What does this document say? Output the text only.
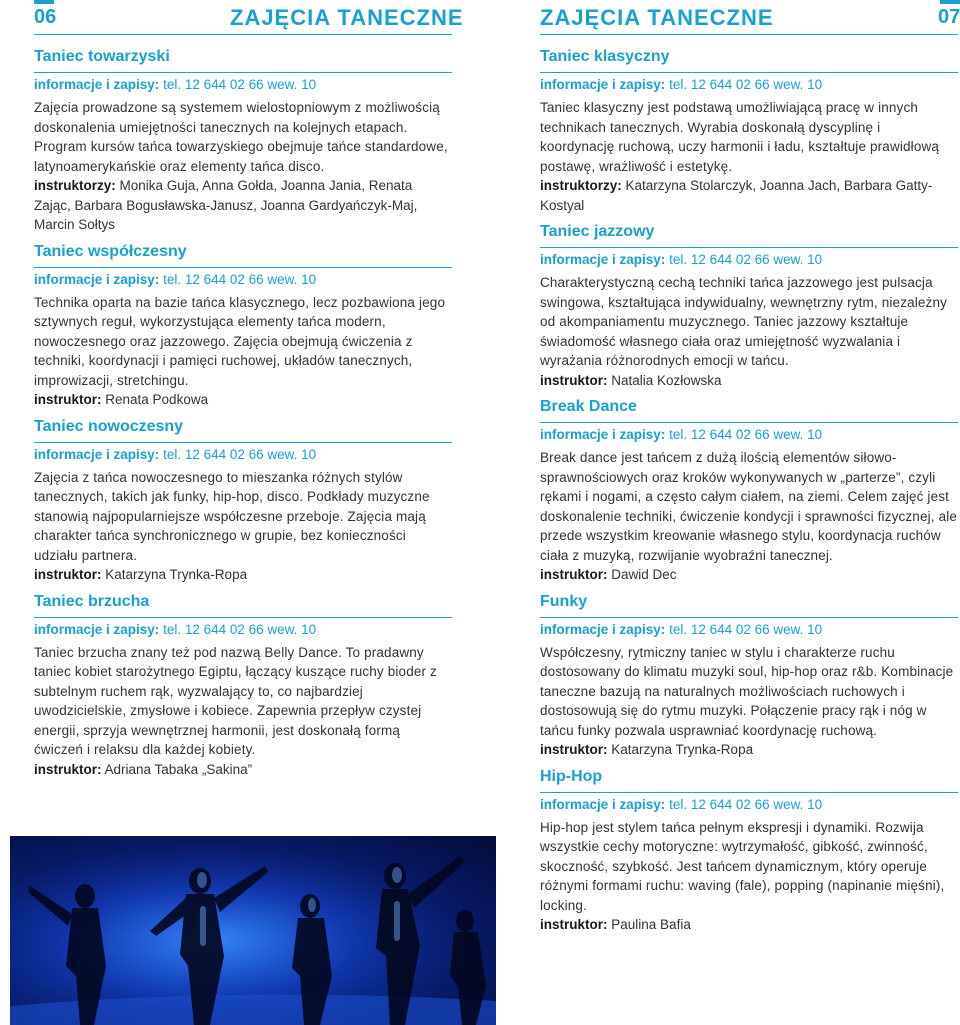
06	ZAJĘCIA TANECZNE	ZAJĘCIA TANECZNE	07
Taniec towarzyski
informacje i zapisy: tel. 12 644 02 66 wew. 10

Zajęcia prowadzone są systemem wielostopniowym z możliwością doskonalenia umiejętności tanecznych na kolejnych etapach. Program kursów tańca towarzyskiego obejmuje tańce standardowe, latynoamerykańskie oraz elementy tańca disco.

instruktorzy: Monika Guja, Anna Gołda, Joanna Jania, Renata Zając, Barbara Bogusławska-Janusz, Joanna Gardyańczyk-Maj, Marcin Sołtys

Taniec współczesny
informacje i zapisy: tel. 12 644 02 66 wew. 10

Technika oparta na bazie tańca klasycznego, lecz pozbawiona jego sztywnych reguł, wykorzystująca elementy tańca modern, nowoczesnego oraz jazzowego. Zajęcia obejmują ćwiczenia z techniki, koordynacji i pamięci ruchowej, układów tanecznych, improwizacji, stretchingu.

instruktor: Renata Podkowa

Taniec nowoczesny
informacje i zapisy: tel. 12 644 02 66 wew. 10

Zajęcia z tańca nowoczesnego to mieszanka różnych stylów tanecznych, takich jak funky, hip-hop, disco. Podkłady muzyczne stanowią najpopularniejsze współczesne przeboje. Zajęcia mają charakter tańca synchronicznego w grupie, bez konieczności udziału partnera.

instruktor: Katarzyna Trynka-Ropa

Taniec brzucha
informacje i zapisy: tel. 12 644 02 66 wew. 10

Taniec brzucha znany też pod nazwą Belly Dance. To pradawny taniec kobiet starożytnego Egiptu, łączący kuszące ruchy bioder z subtelnym ruchem rąk, wyzwalający to, co najbardziej uwodzicielskie, zmysłowe i kobiece. Zapewnia przepływ czystej energii, sprzyja wewnętrznej harmonii, jest doskonałą formą ćwiczeń i relaksu dla każdej kobiety.

instruktor: Adriana Tabaka „Sakina”

Taniec klasyczny
informacje i zapisy: tel. 12 644 02 66 wew. 10

Taniec klasyczny jest podstawą umożliwiającą pracę w innych technikach tanecznych. Wyrabia doskonałą dyscyplinę i koordynację ruchową, uczy harmonii i ładu, kształtuje prawidłową postawę, wrażliwość i estetykę.

instruktorzy: Katarzyna Stolarczyk, Joanna Jach, Barbara Gatty-Kostyal

Taniec jazzowy
informacje i zapisy: tel. 12 644 02 66 wew. 10

Charakterystyczną cechą techniki tańca jazzowego jest pulsacja swingowa, kształtująca indywidualny, wewnętrzny rytm, niezależny od akompaniamentu muzycznego. Taniec jazzowy kształtuje świadomość własnego ciała oraz umiejętność wyzwalania i wyrażania różnorodnych emocji w tańcu.

instruktor: Natalia Kozłowska

Break Dance
informacje i zapisy: tel. 12 644 02 66 wew. 10

Break dance jest tańcem z dużą ilością elementów siłowo-sprawnościowych oraz kroków wykonywanych w „parterze”, czyli rękami i nogami, a często całym ciałem, na ziemi. Celem zajęć jest doskonalenie techniki, ćwiczenie kondycji i sprawności fizycznej, ale przede wszystkim kreowanie własnego stylu, koordynacja ruchów ciała z muzyką, rozwijanie wyobraźni tanecznej.

instruktor: Dawid Dec

Funky
informacje i zapisy: tel. 12 644 02 66 wew. 10

Współczesny, rytmiczny taniec w stylu i charakterze ruchu dostosowany do klimatu muzyki soul, hip-hop oraz r&b. Kombinacje taneczne bazują na naturalnych możliwościach ruchowych i dostosowują się do rytmu muzyki. Połączenie pracy rąk i nóg w tańcu funky pozwala usprawniać koordynację ruchową.

instruktor: Katarzyna Trynka-Ropa

Hip-Hop
informacje i zapisy: tel. 12 644 02 66 wew. 10

Hip-hop jest stylem tańca pełnym ekspresji i dynamiki. Rozwija wszystkie cechy motoryczne: wytrzymałość, gibkość, zwinność, skoczność, szybkość. Jest tańcem dynamicznym, który operuje różnymi formami ruchu: waving (fale), popping (napinanie mięśni), locking.

instruktor: Paulina Bafia
